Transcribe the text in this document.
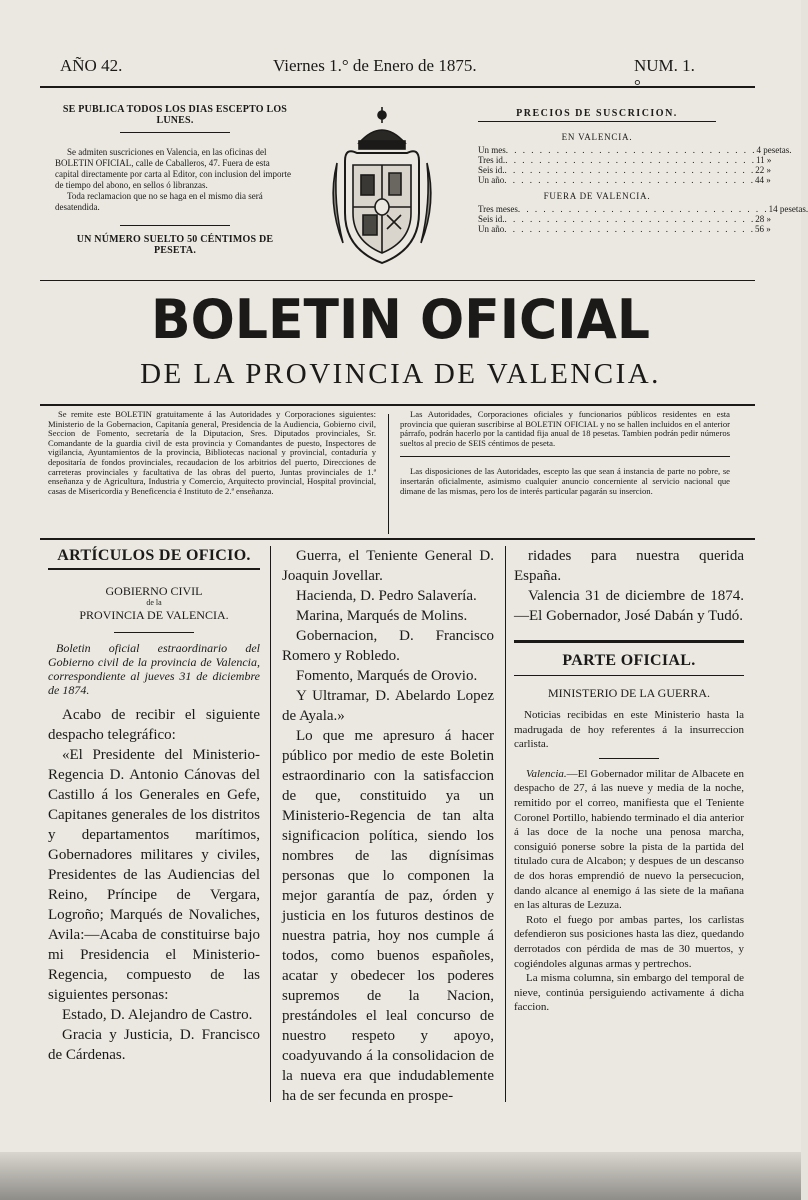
AÑO 42.	Viernes 1.° de Enero de 1875.	NUM. 1.
SE PUBLICA TODOS LOS DIAS ESCEPTO LOS LUNES.

Se admiten suscriciones en Valencia, en las oficinas del BOLETIN OFICIAL, calle de Caballeros, 47. Fuera de esta capital directamente por carta al Editor, con inclusion del importe de tiempo del abono, en sellos ó libranzas.

Toda reclamacion que no se haga en el mismo dia será desatendida.

UN NÚMERO SUELTO 50 CÉNTIMOS DE PESETA.
PRECIOS DE SUSCRICION.
EN VALENCIA.
Un mes . . . . . . . . . . . . . . . . . . . . . . . . . . . . . . 4 pesetas.
Tres id. . . . . . . . . . . . . . . . . . . . . . . . . . . . . . . 11 »
Seis id. . . . . . . . . . . . . . . . . . . . . . . . . . . . . . . 22 »
Un año . . . . . . . . . . . . . . . . . . . . . . . . . . . . . . 44 »
FUERA DE VALENCIA.
Tres meses . . . . . . . . . . . . . . . . . . . . . . . . . . . . . . 14 pesetas.
Seis id. . . . . . . . . . . . . . . . . . . . . . . . . . . . . . . 28 »
Un año . . . . . . . . . . . . . . . . . . . . . . . . . . . . . . 56 »
BOLETIN OFICIAL
DE LA PROVINCIA DE VALENCIA.

Se remite este BOLETIN gratuitamente á las Autoridades y Corporaciones siguientes: Ministerio de la Gobernacion, Capitanía general, Presidencia de la Audiencia, Gobierno civil, Seccion de Fomento, secretaría de la Diputacion, Sres. Diputados provinciales, Sr. Comandante de la guardia civil de esta provincia y Comandantes de puesto, Inspectores de vigilancia, Ayuntamientos de la provincia, Bibliotecas nacional y provincial, contaduría y depositaría de fondos provinciales, recaudacion de los arbitrios del puerto, Direcciones de carreteras provinciales y facultativa de las obras del puerto, Juntas provinciales de 1.ª enseñanza y de Agricultura, Industria y Comercio, Arquitecto provincial, Hospital provincial, casas de Misericordia y Beneficencia é Instituto de 2.ª enseñanza.

Las Autoridades, Corporaciones oficiales y funcionarios públicos residentes en esta provincia que quieran suscribirse al BOLETIN OFICIAL y no se hallen incluidos en el anterior párrafo, podrán hacerlo por la cantidad fija anual de 18 pesetas. Tambien podrán pedir números sueltos al precio de SEIS céntimos de peseta.

Las disposiciones de las Autoridades, escepto las que sean á instancia de parte no pobre, se insertarán oficialmente, asimismo cualquier anuncio concerniente al servicio nacional que dimane de las mismas, pero los de interés particular pagarán su insercion.

ARTÍCULOS DE OFICIO.
GOBIERNO CIVIL
de la
PROVINCIA DE VALENCIA.

Boletin oficial estraordinario del Gobierno civil de la provincia de Valencia, correspondiente al jueves 31 de diciembre de 1874.

Acabo de recibir el siguiente despacho telegráfico:

«El Presidente del Ministerio-Regencia D. Antonio Cánovas del Castillo á los Generales en Gefe, Capitanes generales de los distritos y departamentos marítimos, Gobernadores militares y civiles, Presidentes de las Audiencias del Reino, Príncipe de Vergara, Logroño; Marqués de Novaliches, Avila:—Acaba de constituirse bajo mi Presidencia el Ministerio-Regencia, compuesto de las siguientes personas:

Estado, D. Alejandro de Castro.

Gracia y Justicia, D. Francisco de Cárdenas.

Guerra, el Teniente General D. Joaquin Jovellar.

Hacienda, D. Pedro Salavería.

Marina, Marqués de Molins.

Gobernacion, D. Francisco Romero y Robledo.

Fomento, Marqués de Orovio.

Y Ultramar, D. Abelardo Lopez de Ayala.»

Lo que me apresuro á hacer público por medio de este Boletin estraordinario con la satisfaccion de que, constituido ya un Ministerio-Regencia de tan alta significacion política, siendo los nombres de las dignísimas personas que lo componen la mejor garantía de paz, órden y justicia en los futuros destinos de nuestra patria, hoy nos cumple á todos, como buenos españoles, acatar y obedecer los poderes supremos de la Nacion, prestándoles el leal concurso de nuestro respeto y apoyo, coadyuvando á la consolidacion de la nueva era que indudablemente ha de ser fecunda en prospe-

ridades para nuestra querida España.

Valencia 31 de diciembre de 1874.—El Gobernador, José Dabán y Tudó.

PARTE OFICIAL.
MINISTERIO DE LA GUERRA.

Noticias recibidas en este Ministerio hasta la madrugada de hoy referentes á la insurreccion carlista.

Valencia.—El Gobernador militar de Albacete en despacho de 27, á las nueve y media de la noche, remitido por el correo, manifiesta que el Teniente Coronel Portillo, habiendo terminado el dia anterior á las doce de la noche una penosa marcha, consiguió ponerse sobre la pista de la partida del titulado cura de Alcabon; y despues de un descanso de dos horas emprendió de nuevo la persecucion, dando alcance al enemigo á las siete de la mañana en las alturas de Lezuza.

Roto el fuego por ambas partes, los carlistas defendieron sus posiciones hasta las diez, quedando derrotados con pérdida de mas de 30 muertos, y cogiéndoles algunas armas y pertrechos.

La misma columna, sin embargo del temporal de nieve, continúa persiguiendo activamente á dicha faccion.
